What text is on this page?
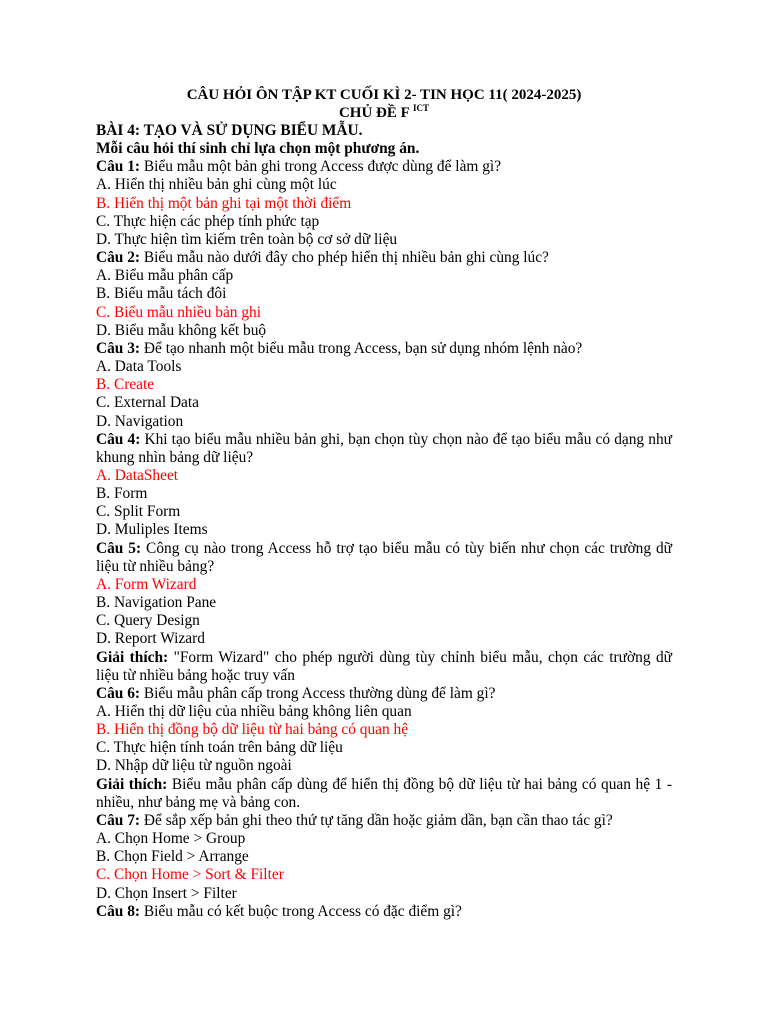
CÂU HỎI ÔN TẬP KT CUỐI KÌ 2- TIN HỌC 11( 2024-2025)
CHỦ ĐỀ F $^{ICT}$
BÀI 4: TẠO VÀ SỬ DỤNG BIỂU MẪU.
Mỗi câu hỏi thí sinh chỉ lựa chọn một phương án.
Câu 1: Biểu mẫu một bản ghi trong Access được dùng để làm gì?
A. Hiển thị nhiều bản ghi cùng một lúc
B. Hiển thị một bản ghi tại một thời điểm
C. Thực hiện các phép tính phức tạp
D. Thực hiện tìm kiếm trên toàn bộ cơ sở dữ liệu
Câu 2: Biểu mẫu nào dưới đây cho phép hiển thị nhiều bản ghi cùng lúc?
A. Biểu mẫu phân cấp
B. Biểu mẫu tách đôi
C. Biểu mẫu nhiều bản ghi
D. Biểu mẫu không kết buộ
Câu 3: Để tạo nhanh một biểu mẫu trong Access, bạn sử dụng nhóm lệnh nào?
A. Data Tools
B. Create
C. External Data
D. Navigation
Câu 4: Khi tạo biểu mẫu nhiều bản ghi, bạn chọn tùy chọn nào để tạo biểu mẫu có dạng như khung nhìn bảng dữ liệu?
A. DataSheet
B. Form
C. Split Form
D. Muliples Items
Câu 5: Công cụ nào trong Access hỗ trợ tạo biểu mẫu có tùy biến như chọn các trường dữ liệu từ nhiều bảng?
A. Form Wizard
B. Navigation Pane
C. Query Design
D. Report Wizard
Giải thích: "Form Wizard" cho phép người dùng tùy chỉnh biểu mẫu, chọn các trường dữ liệu từ nhiều bảng hoặc truy vấn
Câu 6: Biểu mẫu phân cấp trong Access thường dùng để làm gì?
A. Hiển thị dữ liệu của nhiều bảng không liên quan
B. Hiển thị đồng bộ dữ liệu từ hai bảng có quan hệ
C. Thực hiện tính toán trên bảng dữ liệu
D. Nhập dữ liệu từ nguồn ngoài
Giải thích: Biểu mẫu phân cấp dùng để hiển thị đồng bộ dữ liệu từ hai bảng có quan hệ 1 - nhiều, như bảng mẹ và bảng con.
Câu 7: Để sắp xếp bản ghi theo thứ tự tăng dần hoặc giảm dần, bạn cần thao tác gì?
A. Chọn Home > Group
B. Chọn Field > Arrange
C. Chọn Home > Sort & Filter
D. Chọn Insert > Filter
Câu 8: Biểu mẫu có kết buộc trong Access có đặc điểm gì?
